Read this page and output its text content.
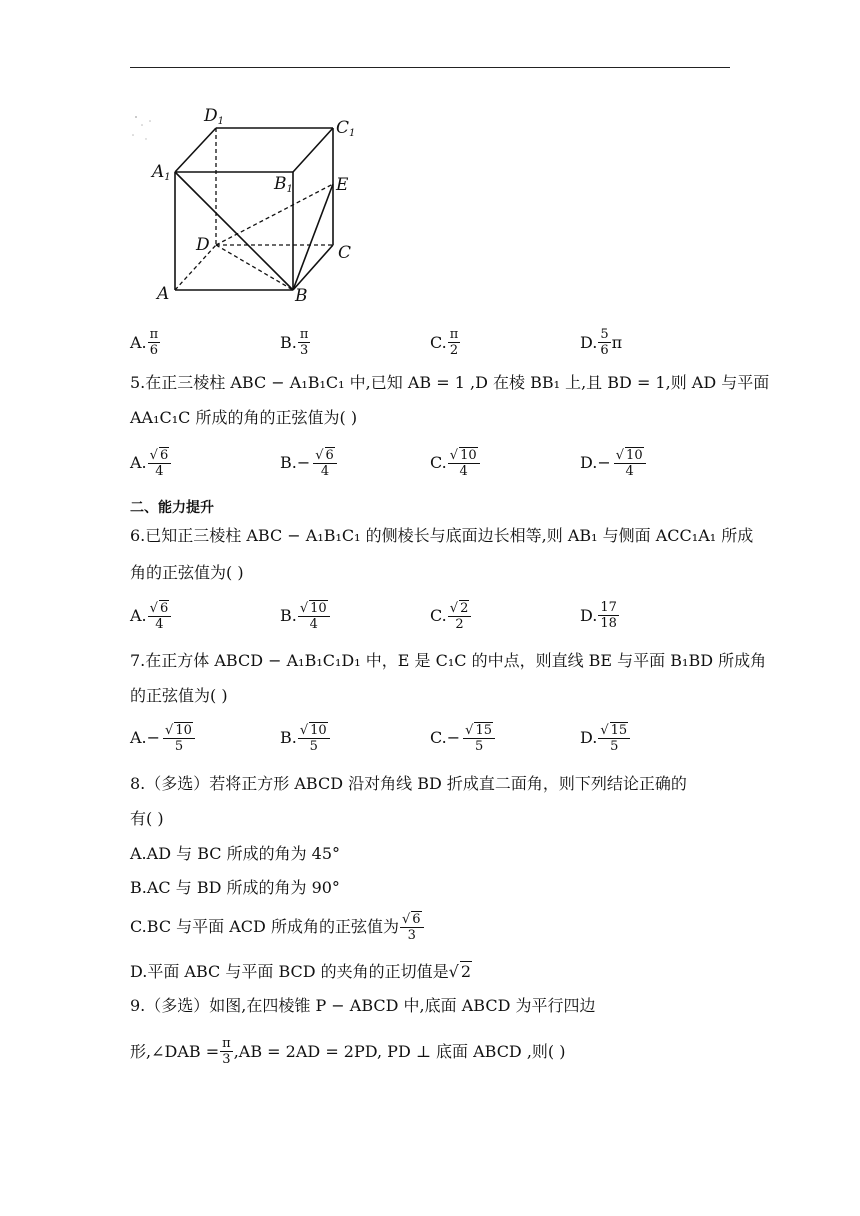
D1	C1
A1	B1	E
D	C
A	B
A. $\frac{\pi}{6}$	B. $\frac{\pi}{3}$	C. $\frac{\pi}{2}$	D. $\frac{5}{6}$ π
5.在正三棱柱 ABC − A₁B₁C₁ 中,已知 AB = 1 ,D 在棱 BB₁ 上,且 BD = 1,则 AD 与平面
AA₁C₁C 所成的角的正弦值为( )
A. $\frac{√ 6}{4}$	B. − $\frac{√ 6}{4}$	C. $\frac{√ 10}{4}$	D. − $\frac{√ 10}{4}$
二、能力提升
6.已知正三棱柱 ABC − A₁B₁C₁ 的侧棱长与底面边长相等,则 AB₁ 与侧面 ACC₁A₁ 所成
角的正弦值为( )
A. $\frac{√ 6}{4}$	B. $\frac{√ 10}{4}$	C. $\frac{√ 2}{2}$	D. $\frac{17}{18}$
7.在正方体 ABCD − A₁B₁C₁D₁ 中，E 是 C₁C 的中点，则直线 BE 与平面 B₁BD 所成角
的正弦值为( )
A. − $\frac{√ 10}{5}$	B. $\frac{√ 10}{5}$	C. − $\frac{√ 15}{5}$	D. $\frac{√ 15}{5}$
8.（多选）若将正方形 ABCD 沿对角线 BD 折成直二面角，则下列结论正确的
有( )
A.AD 与 BC 所成的角为 45°
B.AC 与 BD 所成的角为 90°
C.BC 与平面 ACD 所成角的正弦值为 $\frac{√ 6}{3}$
D.平面 ABC 与平面 BCD 的夹角的正切值是 √ 2
9.（多选）如图,在四棱锥 P − ABCD 中,底面 ABCD 为平行四边
形,∠DAB = $\frac{\pi}{3} ,AB = 2AD = 2PD$, PD ⊥ 底面 ABCD ,则( )
